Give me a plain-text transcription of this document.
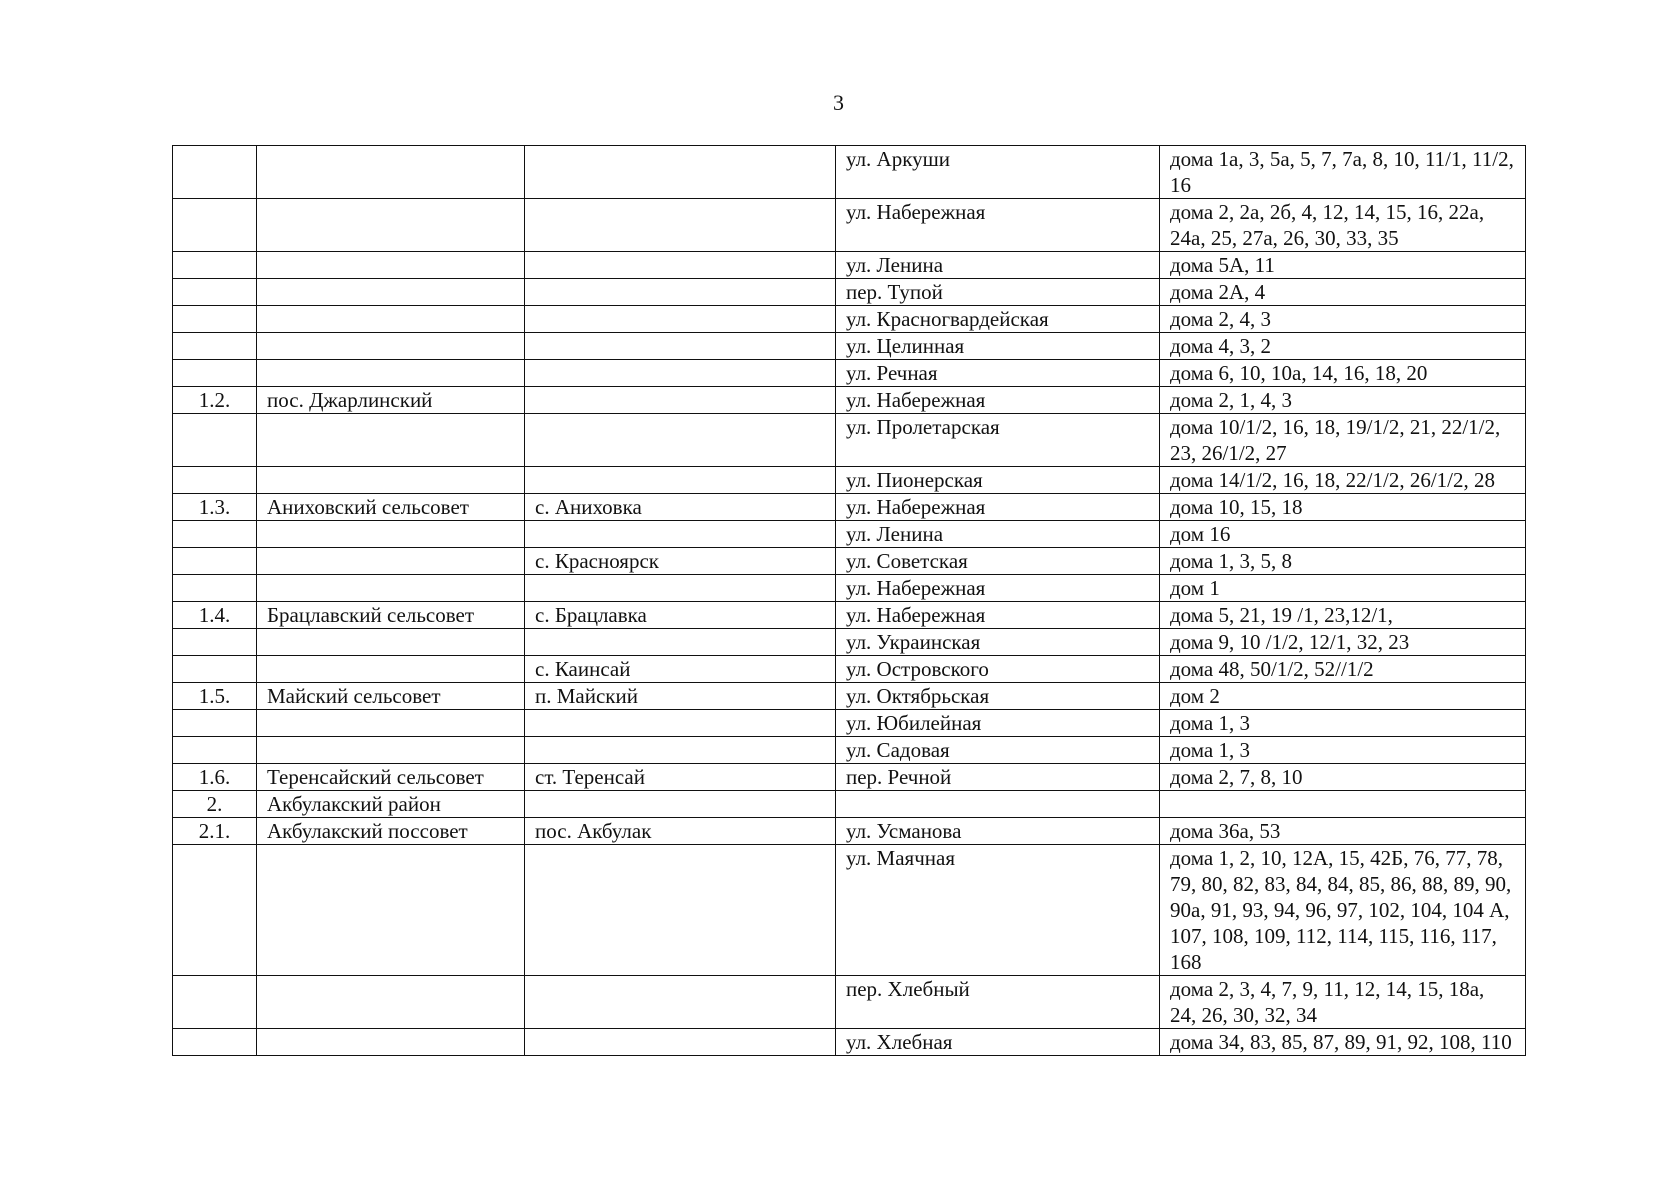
3
			ул. Аркуши	дома 1а, 3, 5а, 5, 7, 7а, 8, 10, 11/1, 11/2, 16
			ул. Набережная	дома 2, 2а, 2б, 4, 12, 14, 15, 16, 22а, 24а, 25, 27а, 26, 30, 33, 35
			ул. Ленина	дома 5А, 11
			пер. Тупой	дома 2А, 4
			ул. Красногвардейская	дома 2, 4, 3
			ул. Целинная	дома 4, 3, 2
			ул. Речная	дома 6, 10, 10а, 14, 16, 18, 20
1.2.	пос. Джарлинский		ул. Набережная	дома 2, 1, 4, 3
			ул. Пролетарская	дома 10/1/2, 16, 18, 19/1/2, 21, 22/1/2, 23, 26/1/2, 27
			ул. Пионерская	дома 14/1/2, 16, 18, 22/1/2, 26/1/2, 28
1.3.	Аниховский сельсовет	с. Аниховка	ул. Набережная	дома 10, 15, 18
			ул. Ленина	дом 16
		с. Красноярск	ул. Советская	дома 1, 3, 5, 8
			ул. Набережная	дом 1
1.4.	Брацлавский сельсовет	с. Брацлавка	ул. Набережная	дома 5, 21, 19 /1, 23,12/1,
			ул. Украинская	дома 9, 10 /1/2, 12/1, 32, 23
		с. Каинсай	ул. Островского	дома 48, 50/1/2, 52//1/2
1.5.	Майский сельсовет	п. Майский	ул. Октябрьская	дом 2
			ул. Юбилейная	дома 1, 3
			ул. Садовая	дома 1, 3
1.6.	Теренсайский сельсовет	ст. Теренсай	пер. Речной	дома 2, 7, 8, 10
2.	Акбулакский район			
2.1.	Акбулакский поссовет	пос. Акбулак	ул. Усманова	дома 36а, 53
			ул. Маячная	дома 1, 2, 10, 12А, 15, 42Б, 76, 77, 78, 79, 80, 82, 83, 84, 84, 85, 86, 88, 89, 90, 90а, 91, 93, 94, 96, 97, 102, 104, 104 А, 107, 108, 109, 112, 114, 115, 116, 117, 168
			пер. Хлебный	дома 2, 3, 4, 7, 9, 11, 12, 14, 15, 18а, 24, 26, 30, 32, 34
			ул. Хлебная	дома 34, 83, 85, 87, 89, 91, 92, 108, 110
